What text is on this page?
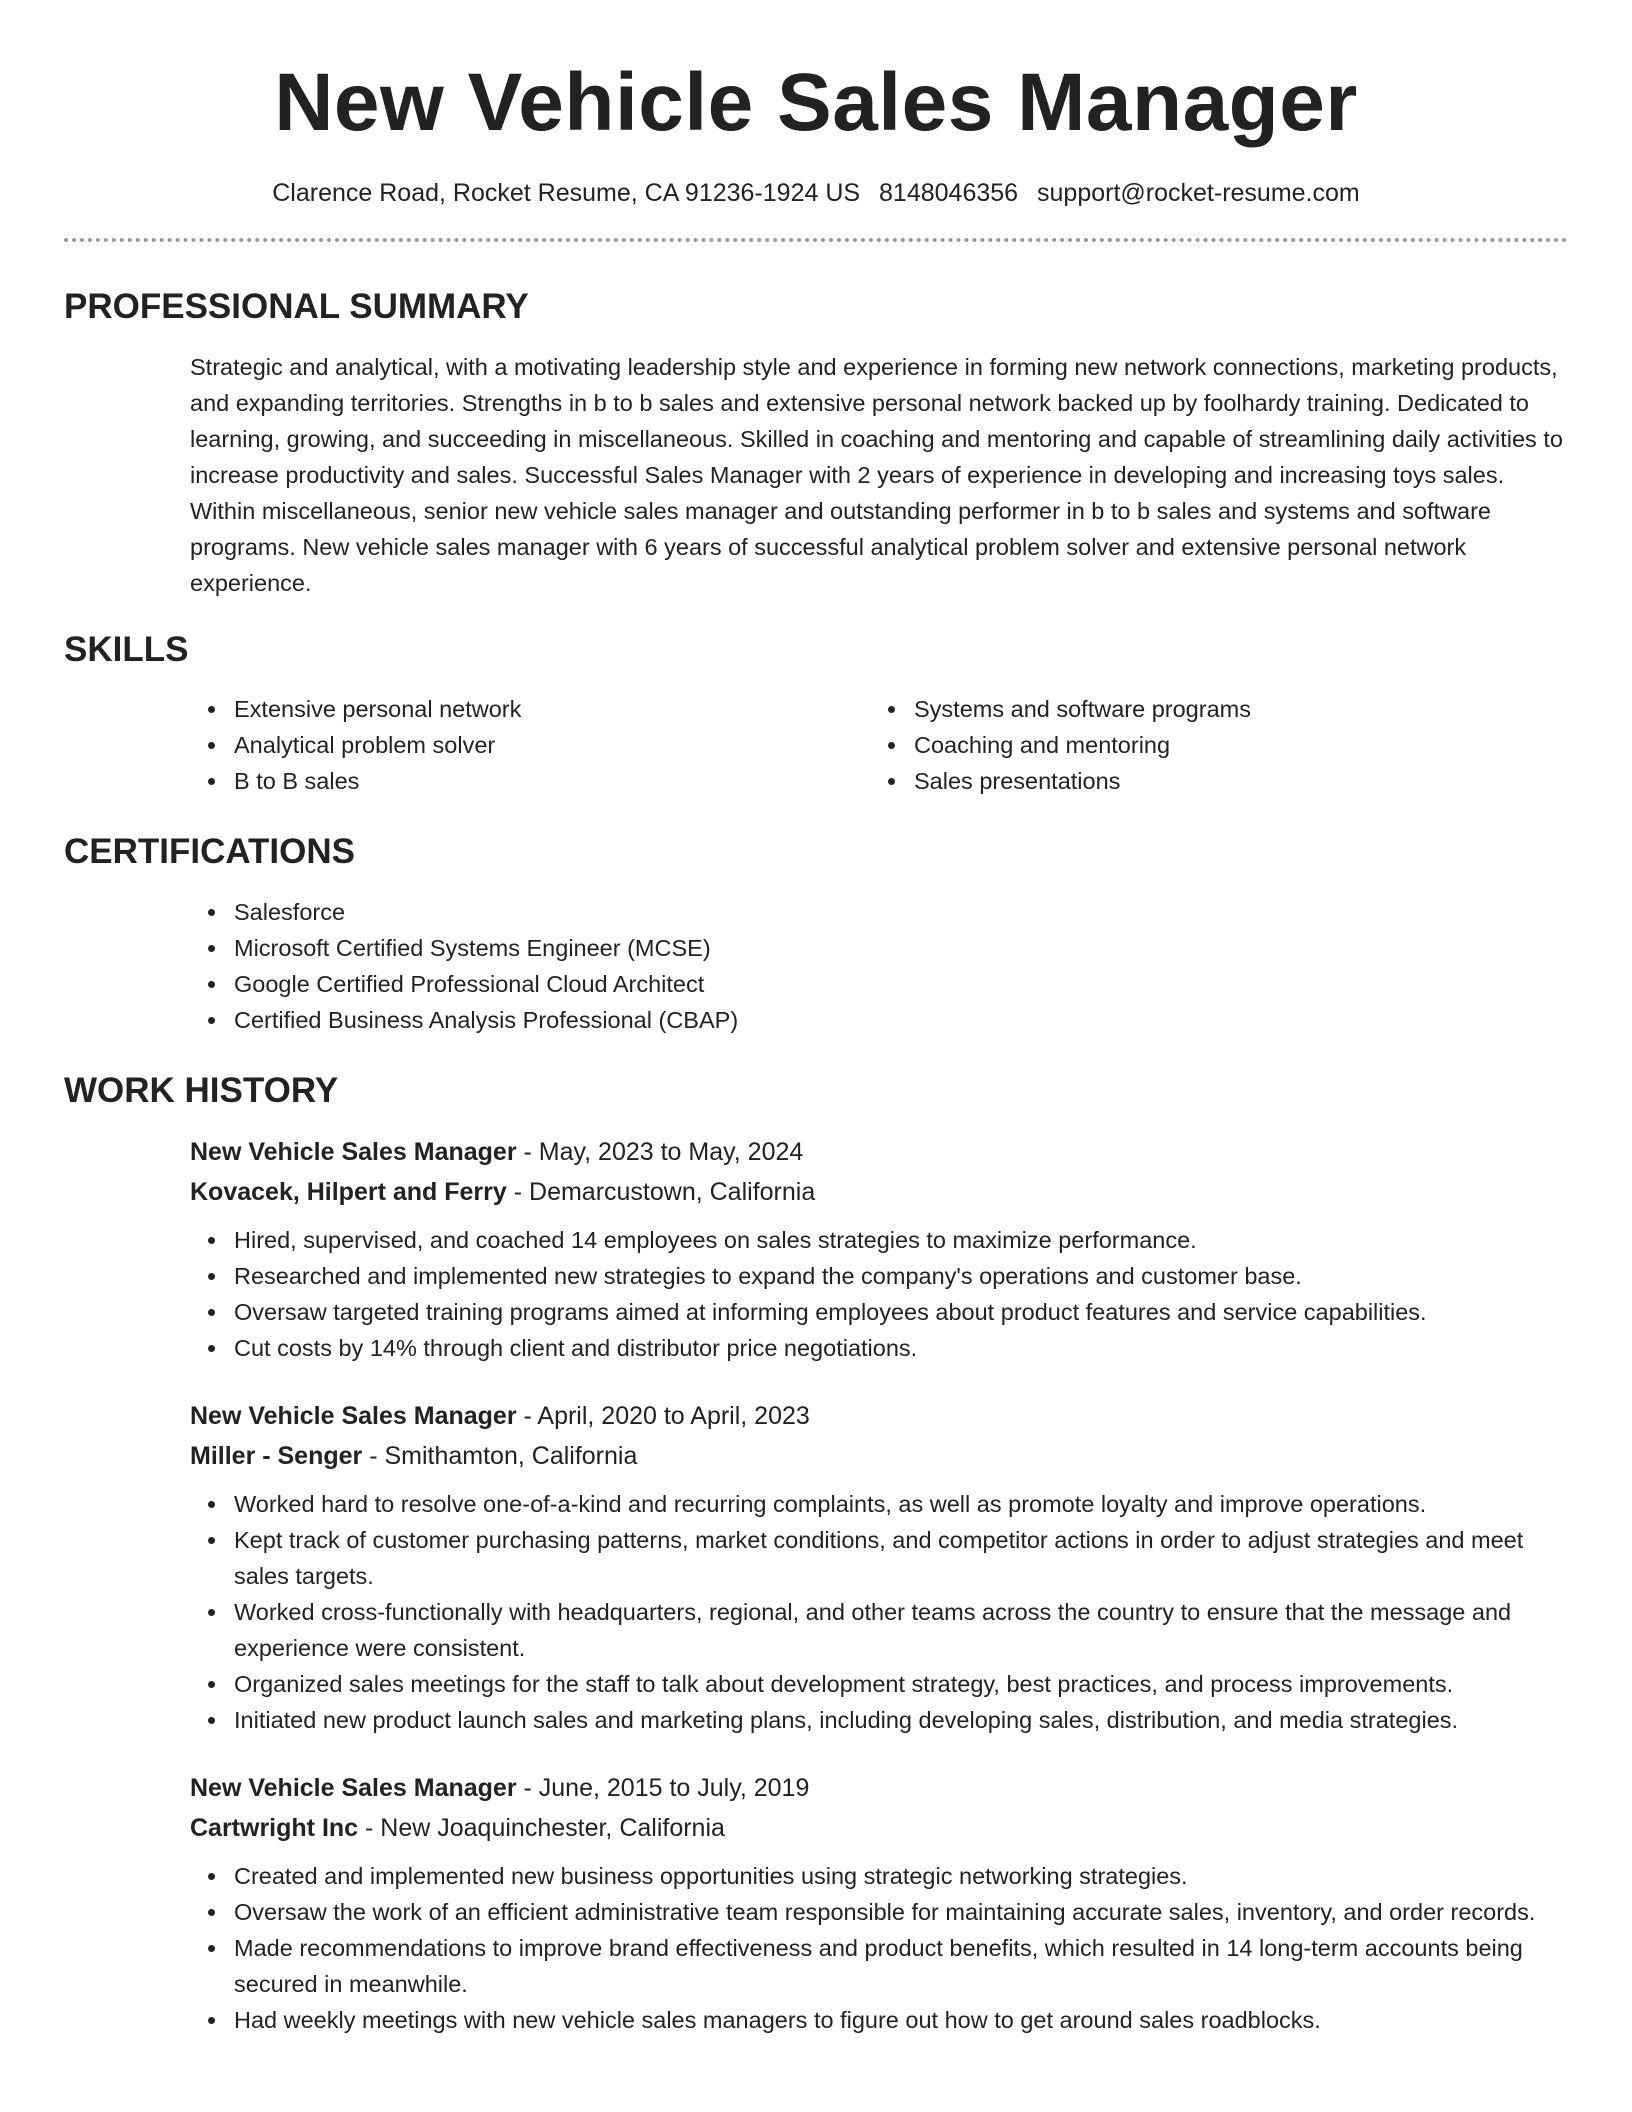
New Vehicle Sales Manager
Clarence Road, Rocket Resume, CA 91236-1924 US 8148046356 support@rocket-resume.com
PROFESSIONAL SUMMARY
Strategic and analytical, with a motivating leadership style and experience in forming new network connections, marketing products, and expanding territories. Strengths in b to b sales and extensive personal network backed up by foolhardy training. Dedicated to learning, growing, and succeeding in miscellaneous. Skilled in coaching and mentoring and capable of streamlining daily activities to increase productivity and sales. Successful Sales Manager with 2 years of experience in developing and increasing toys sales. Within miscellaneous, senior new vehicle sales manager and outstanding performer in b to b sales and systems and software programs. New vehicle sales manager with 6 years of successful analytical problem solver and extensive personal network experience.
SKILLS
Extensive personal network
Analytical problem solver
B to B sales
Systems and software programs
Coaching and mentoring
Sales presentations
CERTIFICATIONS
Salesforce
Microsoft Certified Systems Engineer (MCSE)
Google Certified Professional Cloud Architect
Certified Business Analysis Professional (CBAP)
WORK HISTORY
New Vehicle Sales Manager - May, 2023 to May, 2024
Kovacek, Hilpert and Ferry - Demarcustown, California
Hired, supervised, and coached 14 employees on sales strategies to maximize performance.
Researched and implemented new strategies to expand the company's operations and customer base.
Oversaw targeted training programs aimed at informing employees about product features and service capabilities.
Cut costs by 14% through client and distributor price negotiations.
New Vehicle Sales Manager - April, 2020 to April, 2023
Miller - Senger - Smithamton, California
Worked hard to resolve one-of-a-kind and recurring complaints, as well as promote loyalty and improve operations.
Kept track of customer purchasing patterns, market conditions, and competitor actions in order to adjust strategies and meet sales targets.
Worked cross-functionally with headquarters, regional, and other teams across the country to ensure that the message and experience were consistent.
Organized sales meetings for the staff to talk about development strategy, best practices, and process improvements.
Initiated new product launch sales and marketing plans, including developing sales, distribution, and media strategies.
New Vehicle Sales Manager - June, 2015 to July, 2019
Cartwright Inc - New Joaquinchester, California
Created and implemented new business opportunities using strategic networking strategies.
Oversaw the work of an efficient administrative team responsible for maintaining accurate sales, inventory, and order records.
Made recommendations to improve brand effectiveness and product benefits, which resulted in 14 long-term accounts being secured in meanwhile.
Had weekly meetings with new vehicle sales managers to figure out how to get around sales roadblocks.
